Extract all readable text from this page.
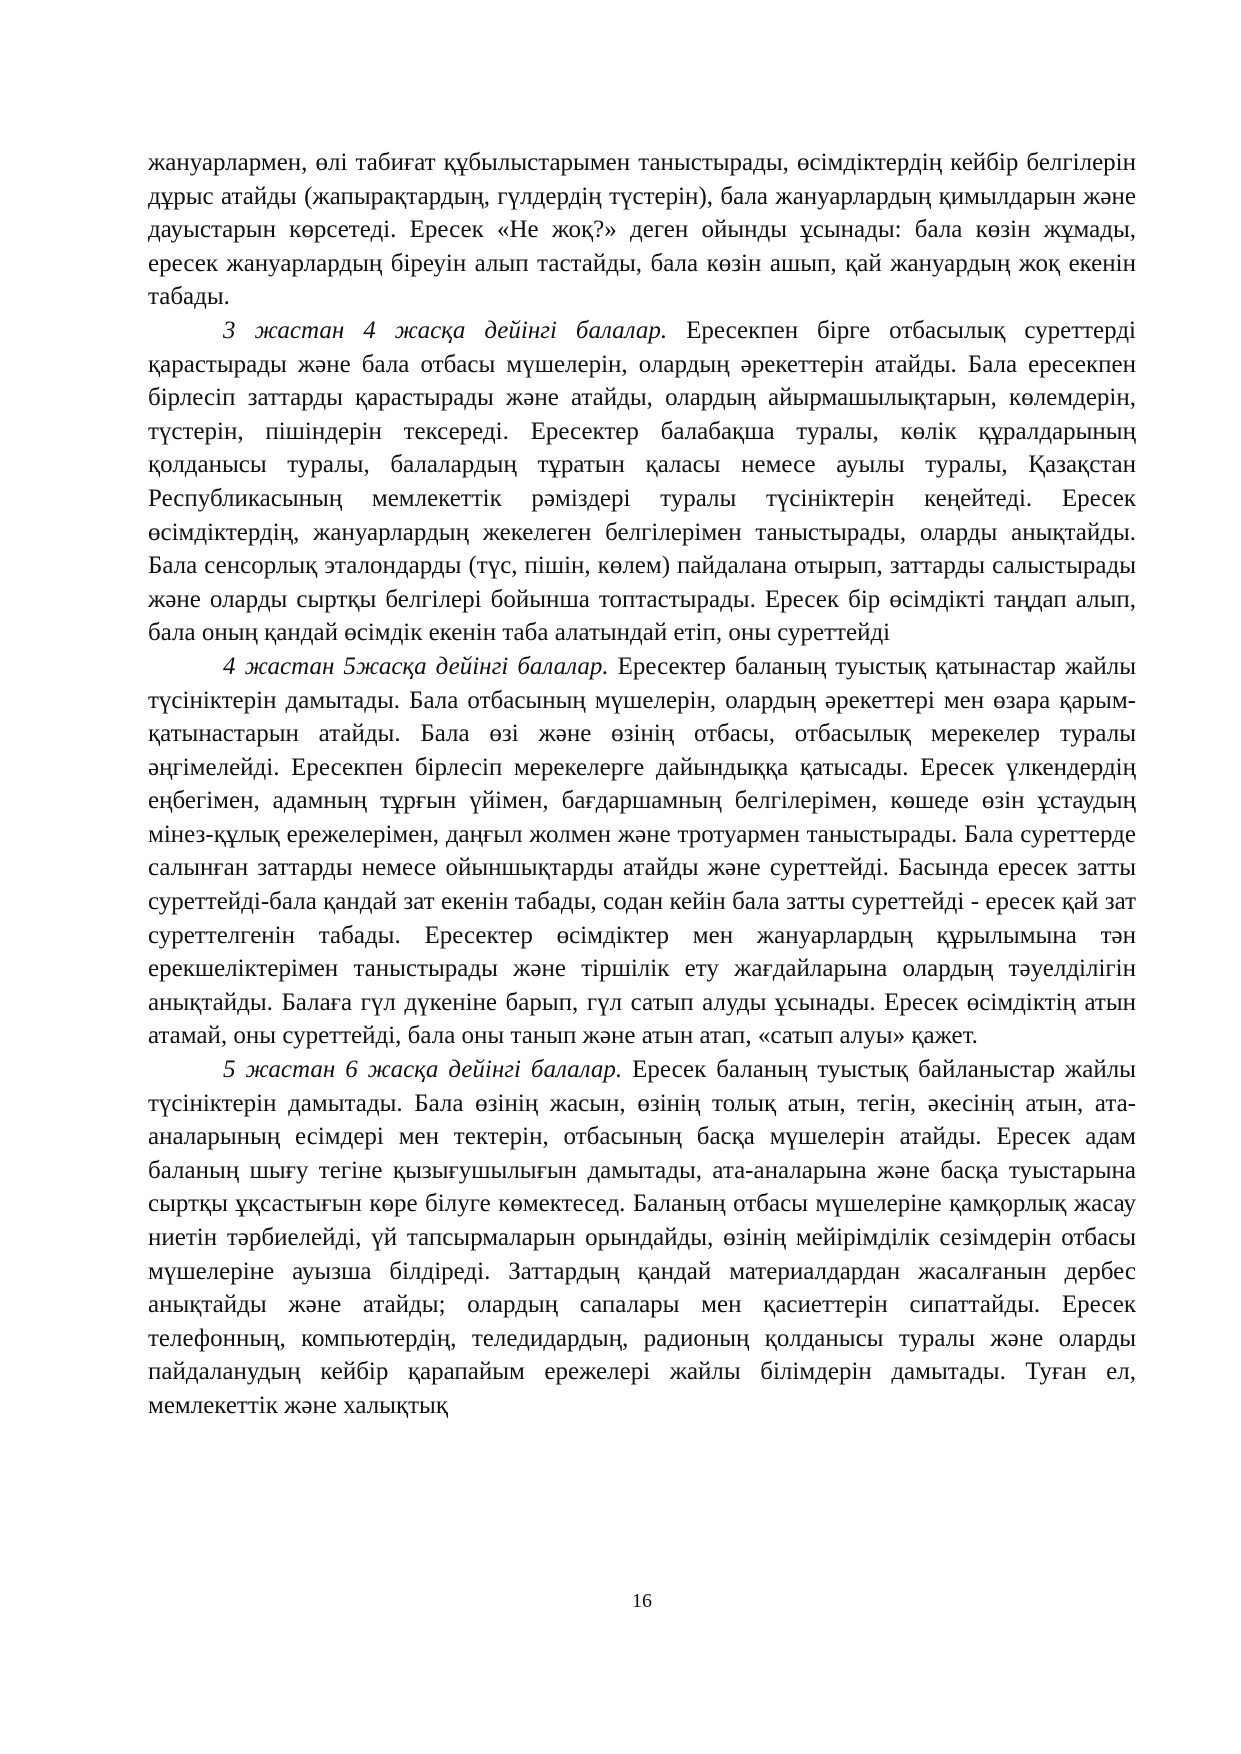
жануарлармен, өлі табиғат құбылыстарымен таныстырады, өсімдіктердің кейбір белгілерін дұрыс атайды (жапырақтардың, гүлдердің түстерін), бала жануарлардың қимылдарын және дауыстарын көрсетеді. Ересек «Не жоқ?» деген ойынды ұсынады: бала көзін жұмады, ересек жануарлардың біреуін алып тастайды, бала көзін ашып, қай жануардың жоқ екенін табады.

3 жастан 4 жасқа дейінгі балалар. Ересекпен бірге отбасылық суреттерді қарастырады және бала отбасы мүшелерін, олардың әрекеттерін атайды. Бала ересекпен бірлесіп заттарды қарастырады және атайды, олардың айырмашылықтарын, көлемдерін, түстерін, пішіндерін тексереді. Ересектер балабақша туралы, көлік құралдарының қолданысы туралы, балалардың тұратын қаласы немесе ауылы туралы, Қазақстан Республикасының мемлекеттік рәміздері туралы түсініктерін кеңейтеді. Ересек өсімдіктердің, жануарлардың жекелеген белгілерімен таныстырады, оларды анықтайды. Бала сенсорлық эталондарды (түс, пішін, көлем) пайдалана отырып, заттарды салыстырады және оларды сыртқы белгілері бойынша топтастырады. Ересек бір өсімдікті таңдап алып, бала оның қандай өсімдік екенін таба алатындай етіп, оны суреттейді

4 жастан 5жасқа дейінгі балалар. Ересектер баланың туыстық қатынастар жайлы түсініктерін дамытады. Бала отбасының мүшелерін, олардың әрекеттері мен өзара қарым-қатынастарын атайды. Бала өзі және өзінің отбасы, отбасылық мерекелер туралы әңгімелейді. Ересекпен бірлесіп мерекелерге дайындыққа қатысады. Ересек үлкендердің еңбегімен, адамның тұрғын үйімен, бағдаршамның белгілерімен, көшеде өзін ұстаудың мінез-құлық ережелерімен, даңғыл жолмен және тротуармен таныстырады. Бала суреттерде салынған заттарды немесе ойыншықтарды атайды және суреттейді. Басында ересек затты суреттейді-бала қандай зат екенін табады, содан кейін бала затты суреттейді - ересек қай зат суреттелгенін табады. Ересектер өсімдіктер мен жануарлардың құрылымына тән ерекшеліктерімен таныстырады және тіршілік ету жағдайларына олардың тәуелділігін анықтайды. Балаға гүл дүкеніне барып, гүл сатып алуды ұсынады. Ересек өсімдіктің атын атамай, оны суреттейді, бала оны танып және атын атап, «сатып алуы» қажет.

5 жастан 6 жасқа дейінгі балалар. Ересек баланың туыстық байланыстар жайлы түсініктерін дамытады. Бала өзінің жасын, өзінің толық атын, тегін, әкесінің атын, ата-аналарының есімдері мен тектерін, отбасының басқа мүшелерін атайды. Ересек адам баланың шығу тегіне қызығушылығын дамытады, ата-аналарына және басқа туыстарына сыртқы ұқсастығын көре білуге көмектесед. Баланың отбасы мүшелеріне қамқорлық жасау ниетін тәрбиелейді, үй тапсырмаларын орындайды, өзінің мейірімділік сезімдерін отбасы мүшелеріне ауызша білдіреді. Заттардың қандай материалдардан жасалғанын дербес анықтайды және атайды; олардың сапалары мен қасиеттерін сипаттайды. Ересек телефонның, компьютердің, теледидардың, радионың қолданысы туралы және оларды пайдаланудың кейбір қарапайым ережелері жайлы білімдерін дамытады. Туған ел, мемлекеттік және халықтық

16
